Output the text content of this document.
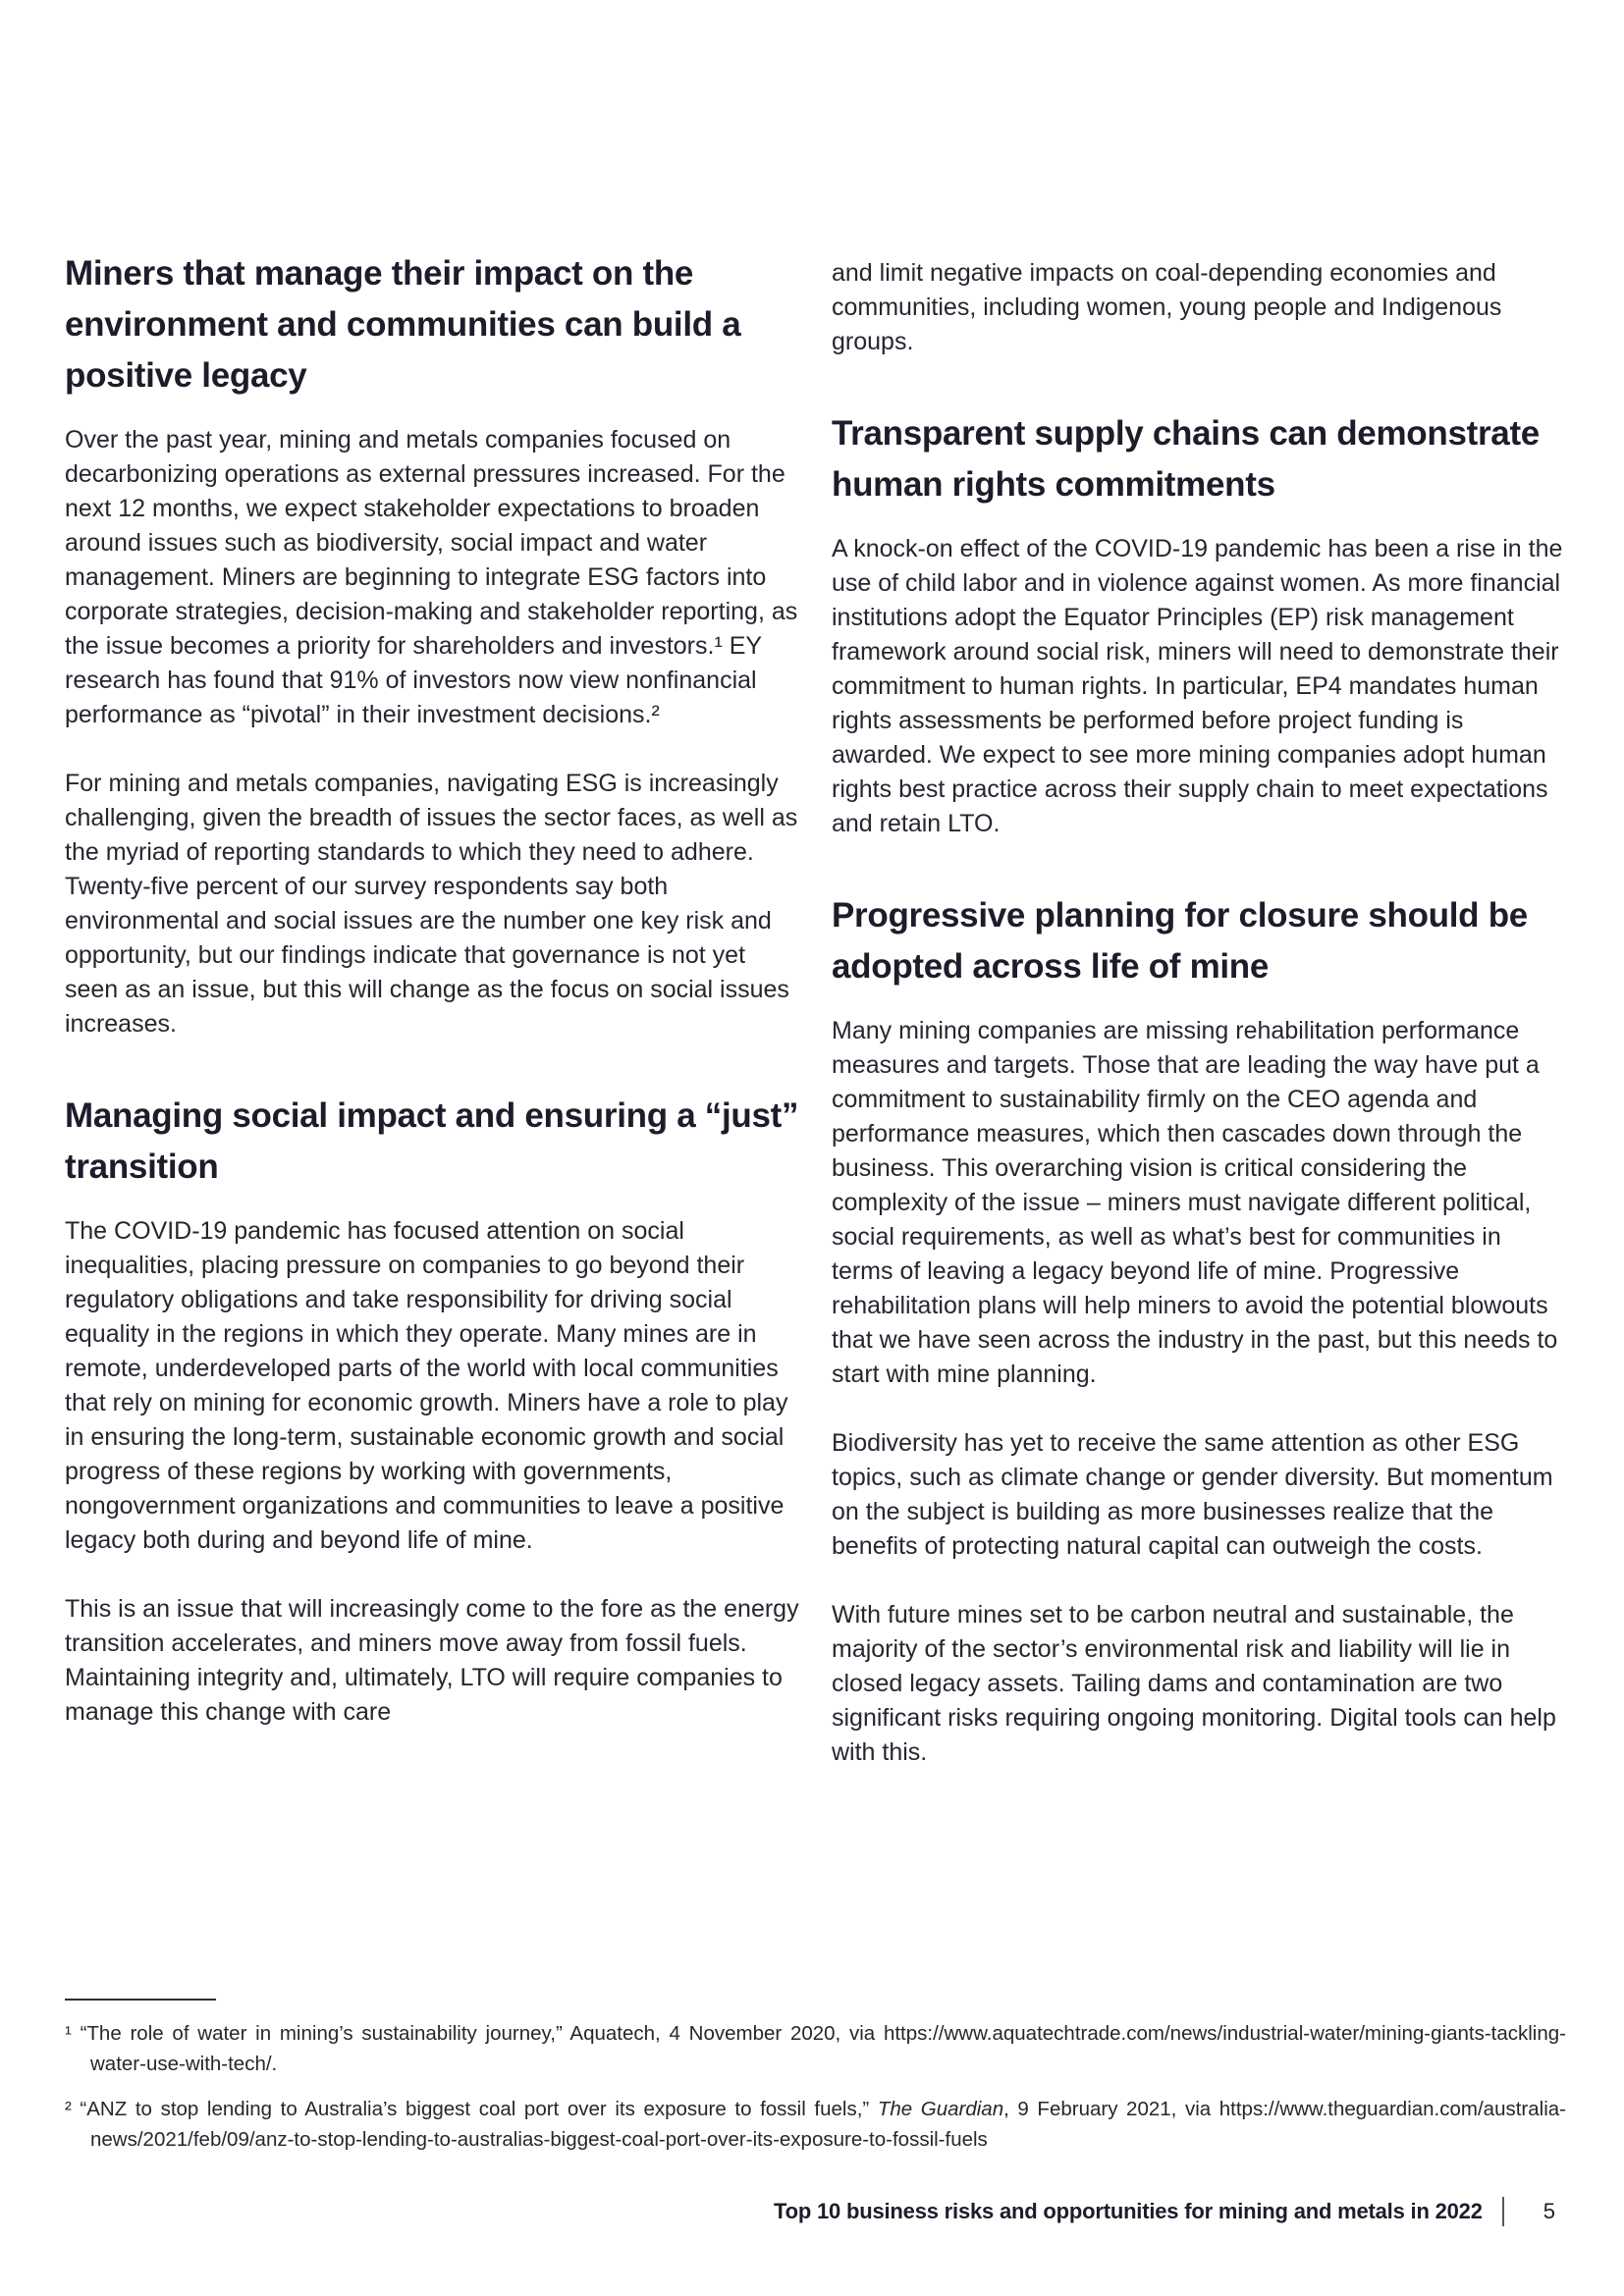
Miners that manage their impact on the environment and communities can build a positive legacy

Over the past year, mining and metals companies focused on decarbonizing operations as external pressures increased. For the next 12 months, we expect stakeholder expectations to broaden around issues such as biodiversity, social impact and water management. Miners are beginning to integrate ESG factors into corporate strategies, decision-making and stakeholder reporting, as the issue becomes a priority for shareholders and investors.¹ EY research has found that 91% of investors now view nonfinancial performance as “pivotal” in their investment decisions.²

For mining and metals companies, navigating ESG is increasingly challenging, given the breadth of issues the sector faces, as well as the myriad of reporting standards to which they need to adhere. Twenty-five percent of our survey respondents say both environmental and social issues are the number one key risk and opportunity, but our findings indicate that governance is not yet seen as an issue, but this will change as the focus on social issues increases.

Managing social impact and ensuring a “just” transition

The COVID-19 pandemic has focused attention on social inequalities, placing pressure on companies to go beyond their regulatory obligations and take responsibility for driving social equality in the regions in which they operate. Many mines are in remote, underdeveloped parts of the world with local communities that rely on mining for economic growth. Miners have a role to play in ensuring the long-term, sustainable economic growth and social progress of these regions by working with governments, nongovernment organizations and communities to leave a positive legacy both during and beyond life of mine.

This is an issue that will increasingly come to the fore as the energy transition accelerates, and miners move away from fossil fuels. Maintaining integrity and, ultimately, LTO will require companies to manage this change with care

and limit negative impacts on coal-depending economies and communities, including women, young people and Indigenous groups.

Transparent supply chains can demonstrate human rights commitments

A knock-on effect of the COVID-19 pandemic has been a rise in the use of child labor and in violence against women. As more financial institutions adopt the Equator Principles (EP) risk management framework around social risk, miners will need to demonstrate their commitment to human rights. In particular, EP4 mandates human rights assessments be performed before project funding is awarded. We expect to see more mining companies adopt human rights best practice across their supply chain to meet expectations and retain LTO.

Progressive planning for closure should be adopted across life of mine

Many mining companies are missing rehabilitation performance measures and targets. Those that are leading the way have put a commitment to sustainability firmly on the CEO agenda and performance measures, which then cascades down through the business. This overarching vision is critical considering the complexity of the issue – miners must navigate different political, social requirements, as well as what’s best for communities in terms of leaving a legacy beyond life of mine. Progressive rehabilitation plans will help miners to avoid the potential blowouts that we have seen across the industry in the past, but this needs to start with mine planning.

Biodiversity has yet to receive the same attention as other ESG topics, such as climate change or gender diversity. But momentum on the subject is building as more businesses realize that the benefits of protecting natural capital can outweigh the costs.

With future mines set to be carbon neutral and sustainable, the majority of the sector’s environmental risk and liability will lie in closed legacy assets. Tailing dams and contamination are two significant risks requiring ongoing monitoring. Digital tools can help with this.

¹ “The role of water in mining’s sustainability journey,” Aquatech, 4 November 2020, via https://www.aquatechtrade.com/news/industrial-water/mining-giants-tackling-water-use-with-tech/.

² “ANZ to stop lending to Australia’s biggest coal port over its exposure to fossil fuels,” The Guardian, 9 February 2021, via https://www.theguardian.com/australia-news/2021/feb/09/anz-to-stop-lending-to-australias-biggest-coal-port-over-its-exposure-to-fossil-fuels

Top 10 business risks and opportunities for mining and metals in 2022	5
